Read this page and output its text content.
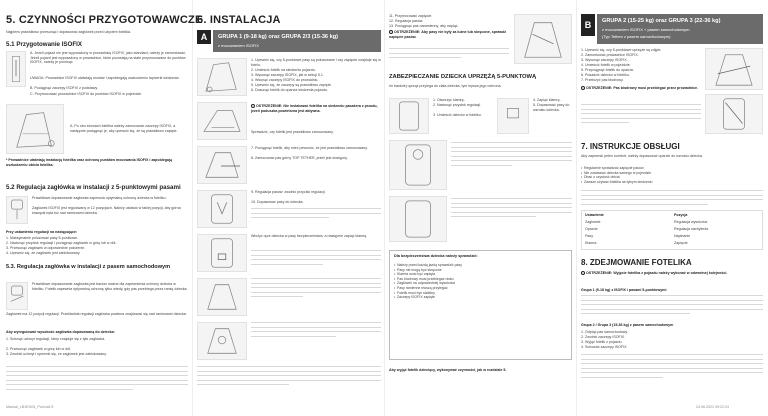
5. CZYNNOŚCI PRZYGOTOWAWCZE
Najpierw prawidłowo przesunąć i dopasować zagłówek przed użyciem fotelika.
5.1 Przygotowanie ISOFIX
A. Jeżeli pojazd nie jest wyposażony w prowadnicę ISOFIX, jako standard, należy je zamontować. Jeżeli pojazd jest wyposażony w prowadnice, które pozostają na stałe przymocowane do punktów ISOFIX, należy je pominąć.
UWAGA: Prowadnice ISOFIX ułatwiają montaż i zapobiegają uszkodzeniu tapicerki siedzenia.
B. Pociągnąć zaczepy ISOFIX z podstawy.
C. Przymocować prowadnice ISOFIX do punktów ISOFIX w pojeździe.
A. Po obu stronach fotelika należy zamocować zaczepy ISOFIX, a następnie pociągnąć je, aby upewnić się, że są prawidłowo zapięte.
* Prowadnice ułatwiają instalację fotelika oraz ochronę punktów mocowania ISOFIX i zapobiegają uszkodzeniu obicia fotelika.
5.2 Regulacja zagłówka w instalacji z 5-punktowymi pasami
Prawidłowe dopasowanie zagłówka zapewnia optymalną ochronę dziecka w foteliku.
Zagłówek ISOFIX jest regulowany w 12 pozycjach. Należy ustawić w takiej pozycji, aby górna krawędź była tuż nad ramionami dziecka.
Przy ustawieniu regulacji na następujące:
1. Maksymalnie poluzować pasy 5-punktowe.
2. Nacisnąć przycisk regulacji i pociągnąć zagłówek w górę lub w dół.
3. Przesunąć zagłówek w odpowiednie położenie.
4. Upewnić się, że zagłówek jest zablokowany.
5.3. Regulacja zagłówka w instalacji z pasem samochodowym
Prawidłowe dopasowanie zagłówka jest bardzo ważne dla zapewnienia ochrony dziecka w foteliku. Fotelik zapewnia optymalną ochronę tylko wtedy, gdy pas przebiega przez ramię dziecka.
Zagłówek ma 12 pozycji regulacji. Przekładnia regulacji zagłówka powinna znajdować się nad ramionami dziecka.
Aby wyregulować wysokość zagłówka dopasowaną do dziecka:
1. Ścisnąć uchwyt regulacji, który znajduje się z tyłu zagłówka.
2. Przesunąć zagłówek w górę lub w dół.
3. Zwolnić uchwyt i upewnić się, że zagłówek jest zablokowany.
Manual_LB1EG04_Pol.indd 5
6. INSTALACJA
A	GRUPA 1 (9-18 kg) oraz GRUPA 2/3 (15-36 kg)
z mocowaniem ISOFIX
1. Upewnić się, czy 5-punktowe pasy są poluzowane i czy zapięcie znajduje się w fotelu.
2. Umieścić fotelik na siedzeniu pojazdu.
3. Wysunąć zaczepy ISOFIX, jak w sekcji 5.1.
4. Wsunąć zaczepy ISOFIX do prowadnic.
5. Upewnić się, że zaczepy są prawidłowo zapięte.
6. Dosunąć fotelik do oparcia siedzenia pojazdu.
OSTRZEŻENIE: Nie instalować fotelika na siedzeniu pasażera z przodu, jeżeli poduszka powietrzna jest aktywna.
Sprawdzić, czy fotelik jest prawidłowo zamocowany.
7. Pociągnąć fotelik, aby mieć pewność, że jest prawidłowo zamocowany.
8. Zamocować pas górny TOP TETHER, jeżeli jest dostępny.
9. Regulacja pasów: zwolnić przycisk regulacji.
10. Dopasować pasy do dziecka.
Włożyć ręce dziecka w pasy bezpieczeństwa, a następnie zapiąć klamrę.
11. Przymocować zapięcie.
12. Regulacja pasów.
13. Pociągnąć pas naramienny, aby napiąć.
OSTRZEŻENIE: Aby pasy nie były za luźne lub skręcone, sprawdź napięcie pasów.
ZABEZPIECZANIE DZIECKA UPRZĘŻĄ 5-PUNKTOWĄ
Im bardziej uprząż przylega do ciała dziecka, tym lepsza jego ochrona.
1. Otworzyć klamrę.
2. Nacisnąć przycisk regulacji.
3. Umieścić dziecko w foteliku.
4. Zapiąć klamrę.
5. Dopasować pasy do wzrostu dziecka.
Dla bezpieczeństwa dziecka należy sprawdzić:
• Należy przed każdą jazdą sprawdzić pasy
• Pasy nie mogą być skręcone
• Klamra musi być zapięta
• Pas biodrowy musi przebiegać nisko
• Zagłówek na odpowiedniej wysokości
• Pasy ramienne muszą przylegać
• Fotelik musi być stabilny
• Zaczepy ISOFIX zapięte
Aby wyjąć fotelik dziecięcy, wykonywać czynności, jak w rozdziale 5.
B	GRUPA 2 (15-25 kg) oraz GRUPA 3 (22-36 kg)
z mocowaniem ISOFIX + pasem samochodowym
(Typ Tethen z pasem samochodowym)
1. Upewnić się, czy 5-punktowe uprzęże są zdjęte.
2. Zamontować prowadnice ISOFIX.
3. Wysunąć zaczepy ISOFIX.
4. Umieścić fotelik w pojeździe.
5. Przyciągnąć fotelik do oparcia.
6. Posadzić dziecko w foteliku.
7. Przełożyć pas biodrowy.
OSTRZEŻENIE: Pas biodrowy musi przebiegać przez prowadnice.
7. INSTRUKCJE OBSŁUGI
Aby zapewnić pełen komfort, należy dopasować oparcie do wzrostu dziecka.
• Regularnie sprawdzać zapięcie pasów
• Nie zostawiać dziecka samego w pojeździe
• Dbać o czystość obicia
• Zawsze używać fotelika na tylnym siedzeniu
Ustawienie	Pozycja
Zagłówek	Regulacja wysokości
Oparcie	Regulacja nachylenia
Pasy	Napinanie
Klamra	Zapięcie
8. ZDEJMOWANIE FOTELIKA
OSTRZEŻENIE: Wyjęcie fotelika z pojazdu należy wykonać w odwrotnej kolejności.
Grupa 1 (9-18 kg) z ISOFIX i pasami 5-punktowymi
Grupa 2 / Grupa 3 (15-36 kg) z pasem samochodowym
1. Odpiąć pas samochodowy.
2. Zwolnić zaczepy ISOFIX.
3. Wyjąć fotelik z pojazdu.
4. Schować zaczepy ISOFIX.
24.06.2021 09:22:24
